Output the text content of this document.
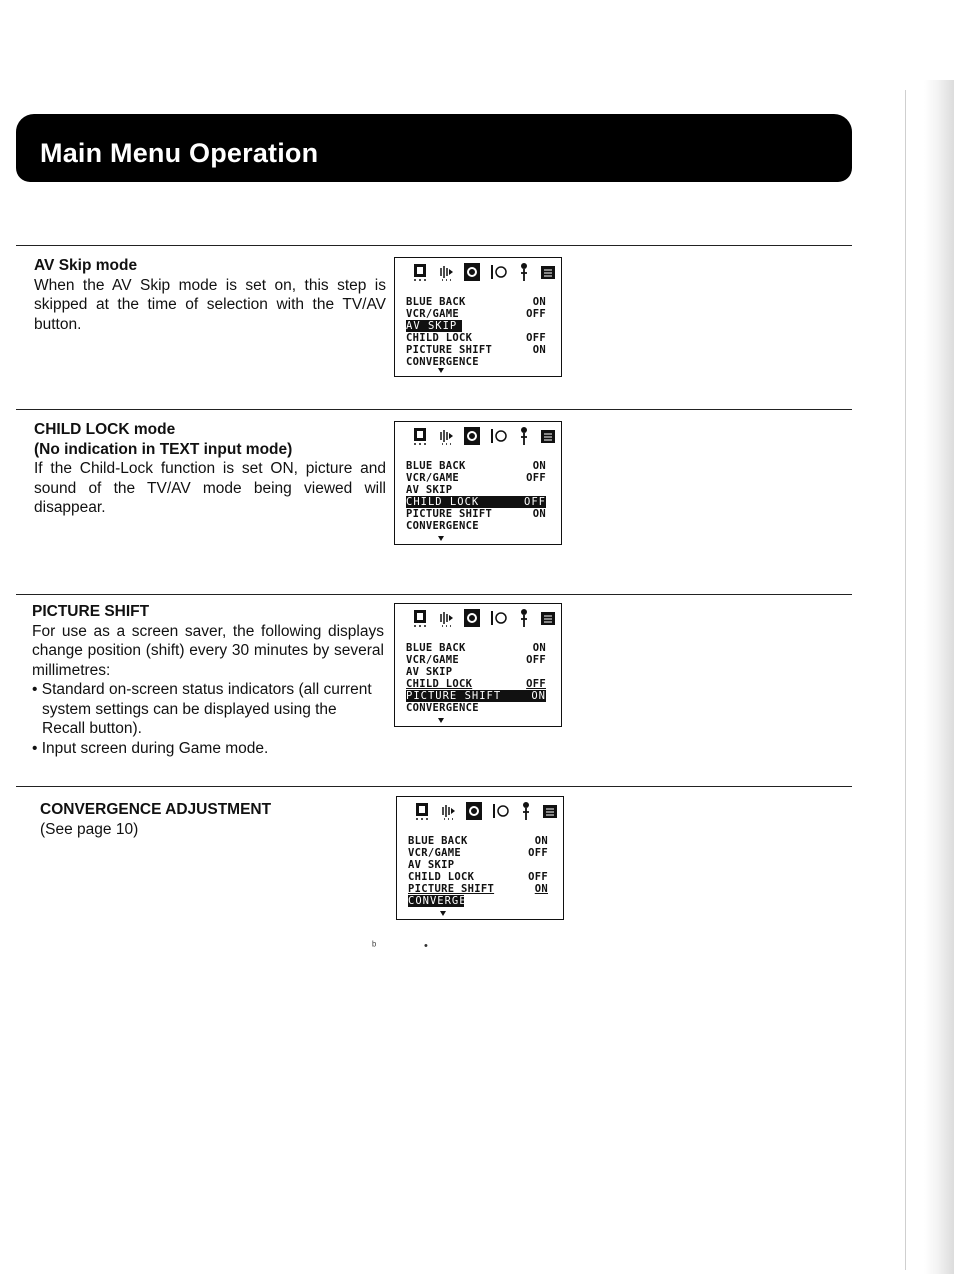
Main Menu Operation
AV Skip mode
When the AV Skip mode is set on, this step is skipped at the time of selection with the TV/AV button.
BLUE BACK	ON
VCR/GAME	OFF
AV SKIP
CHILD LOCK	OFF
PICTURE SHIFT	ON
CONVERGENCE
CHILD LOCK mode
(No indication in TEXT input mode)
If the Child-Lock function is set ON, picture and sound of the TV/AV mode being viewed will disappear.
BLUE BACK	ON
VCR/GAME	OFF
AV SKIP
CHILD LOCK	OFF
PICTURE SHIFT	ON
CONVERGENCE
PICTURE SHIFT
For use as a screen saver, the following displays change position (shift) every 30 minutes by several millimetres:
• Standard on-screen status indicators (all current system settings can be displayed using the Recall button).
• Input screen during Game mode.
BLUE BACK	ON
VCR/GAME	OFF
AV SKIP
CHILD LOCK	OFF
PICTURE SHIFT	ON
CONVERGENCE
CONVERGENCE ADJUSTMENT
(See page 10)
BLUE BACK	ON
VCR/GAME	OFF
AV SKIP
CHILD LOCK	OFF
PICTURE SHIFT	ON
CONVERGENCE
ᵇ	•
